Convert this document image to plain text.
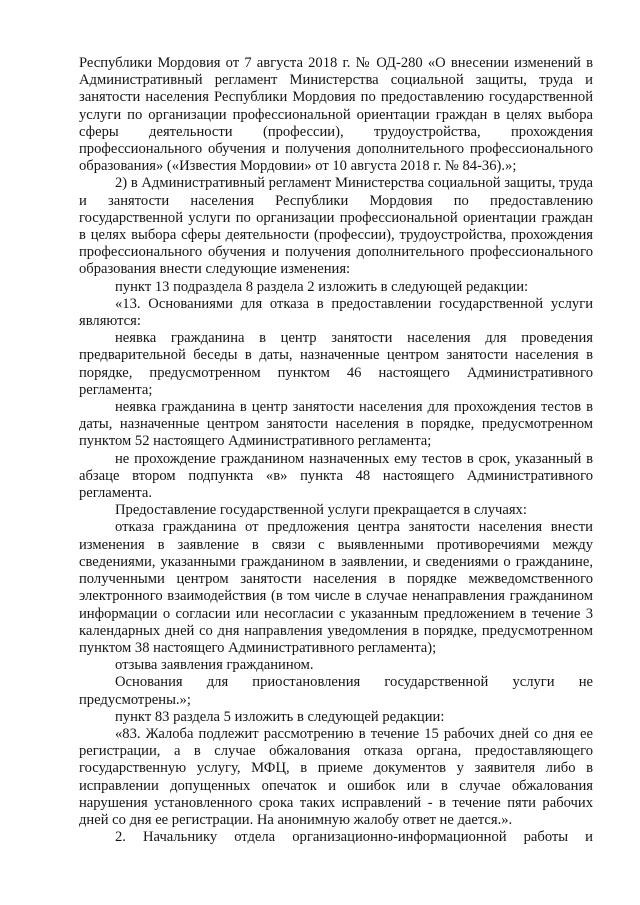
Республики Мордовия от 7 августа 2018 г. № ОД-280 «О внесении изменений в Административный регламент Министерства социальной защиты, труда и занятости населения Республики Мордовия по предоставлению государственной услуги по организации профессиональной ориентации граждан в целях выбора сферы деятельности (профессии), трудоустройства, прохождения профессионального обучения и получения дополнительного профессионального образования» («Известия Мордовии» от 10 августа 2018 г. № 84-36).»;

2) в Административный регламент Министерства социальной защиты, труда и занятости населения Республики Мордовия по предоставлению государственной услуги по организации профессиональной ориентации граждан в целях выбора сферы деятельности (профессии), трудоустройства, прохождения профессионального обучения и получения дополнительного профессионального образования внести следующие изменения:

пункт 13 подраздела 8 раздела 2 изложить в следующей редакции:

«13. Основаниями для отказа в предоставлении государственной услуги являются:

неявка гражданина в центр занятости населения для проведения предварительной беседы в даты, назначенные центром занятости населения в порядке, предусмотренном пунктом 46 настоящего Административного регламента;

неявка гражданина в центр занятости населения для прохождения тестов в даты, назначенные центром занятости населения в порядке, предусмотренном пунктом 52 настоящего Административного регламента;

не прохождение гражданином назначенных ему тестов в срок, указанный в абзаце втором подпункта «в» пункта 48 настоящего Административного регламента.

Предоставление государственной услуги прекращается в случаях:

отказа гражданина от предложения центра занятости населения внести изменения в заявление в связи с выявленными противоречиями между сведениями, указанными гражданином в заявлении, и сведениями о гражданине, полученными центром занятости населения в порядке межведомственного электронного взаимодействия (в том числе в случае ненаправления гражданином информации о согласии или несогласии с указанным предложением в течение 3 календарных дней со дня направления уведомления в порядке, предусмотренном пунктом 38 настоящего Административного регламента);

отзыва заявления гражданином.

Основания для приостановления государственной услуги не предусмотрены.»;

пункт 83 раздела 5 изложить в следующей редакции:

«83. Жалоба подлежит рассмотрению в течение 15 рабочих дней со дня ее регистрации, а в случае обжалования отказа органа, предоставляющего государственную услугу, МФЦ, в приеме документов у заявителя либо в исправлении допущенных опечаток и ошибок или в случае обжалования нарушения установленного срока таких исправлений - в течение пяти рабочих дней со дня ее регистрации. На анонимную жалобу ответ не дается.».

2. Начальнику отдела организационно-информационной работы и
